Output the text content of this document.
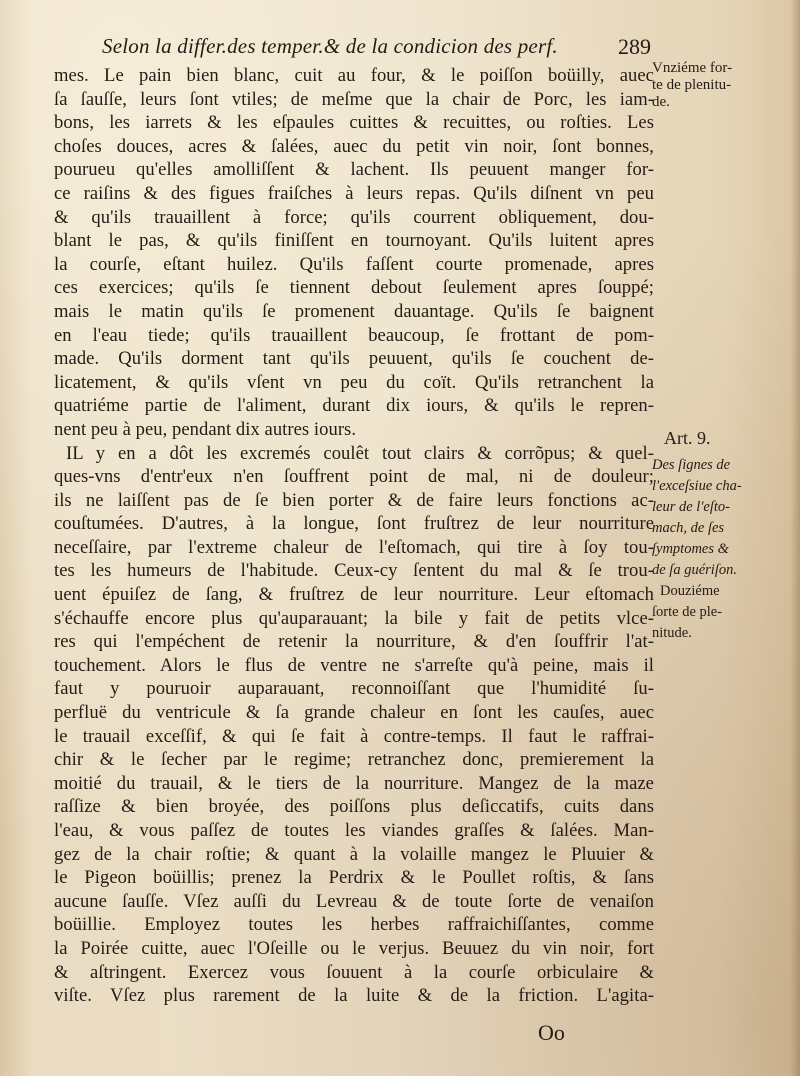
Selon la differ.des temper.& de la condicion des perf.	289
mes. Le pain bien blanc, cuit au four, & le poiſſon boüilly, auec
ſa ſauſſe, leurs ſont vtiles; de meſme que la chair de Porc, les iam-
bons, les iarrets & les eſpaules cuittes & recuittes, ou roſties. Les
choſes douces, acres & ſalées, auec du petit vin noir, ſont bonnes,
pourueu qu'elles amolliſſent & lachent. Ils peuuent manger for-
ce raiſins & des figues fraiſches à leurs repas. Qu'ils diſnent vn peu
& qu'ils trauaillent à force; qu'ils courrent obliquement, dou-
blant le pas, & qu'ils finiſſent en tournoyant. Qu'ils luitent apres
la courſe, eſtant huilez. Qu'ils faſſent courte promenade, apres
ces exercices; qu'ils ſe tiennent debout ſeulement apres ſouppé;
mais le matin qu'ils ſe promenent dauantage. Qu'ils ſe baignent
en l'eau tiede; qu'ils trauaillent beaucoup, ſe frottant de pom-
made. Qu'ils dorment tant qu'ils peuuent, qu'ils ſe couchent de-
licatement, & qu'ils vſent vn peu du coït. Qu'ils retranchent la
quatriéme partie de l'aliment, durant dix iours, & qu'ils le repren-
nent peu à peu, pendant dix autres iours.
IL y en a dôt les excremés coulêt tout clairs & corrõpus; & quel-
ques-vns d'entr'eux n'en ſouffrent point de mal, ni de douleur;
ils ne laiſſent pas de ſe bien porter & de faire leurs fonctions ac-
couſtumées. D'autres, à la longue, ſont fruſtrez de leur nourriture
neceſſaire, par l'extreme chaleur de l'eſtomach, qui tire à ſoy tou-
tes les humeurs de l'habitude. Ceux-cy ſentent du mal & ſe trou-
uent épuiſez de ſang, & fruſtrez de leur nourriture. Leur eſtomach
s'échauffe encore plus qu'auparauant; la bile y fait de petits vlce-
res qui l'empéchent de retenir la nourriture, & d'en ſouffrir l'at-
touchement. Alors le flus de ventre ne s'arreſte qu'à peine, mais il
faut y pouruoir auparauant, reconnoiſſant que l'humidité ſu-
perfluë du ventricule & ſa grande chaleur en ſont les cauſes, auec
le trauail exceſſif, & qui ſe fait à contre-temps. Il faut le raffrai-
chir & le ſecher par le regime; retranchez donc, premierement la
moitié du trauail, & le tiers de la nourriture. Mangez de la maze
raſſize & bien broyée, des poiſſons plus deſiccatifs, cuits dans
l'eau, & vous paſſez de toutes les viandes graſſes & ſalées. Man-
gez de la chair roſtie; & quant à la volaille mangez le Pluuier &
le Pigeon boüillis; prenez la Perdrix & le Poullet roſtis, & ſans
aucune ſauſſe. Vſez auſſi du Levreau & de toute ſorte de venaiſon
boüillie. Employez toutes les herbes raffraichiſſantes, comme
la Poirée cuitte, auec l'Oſeille ou le verjus. Beuuez du vin noir, fort
& aſtringent. Exercez vous ſouuent à la courſe orbiculaire &
viſte. Vſez plus rarement de la luite & de la friction. L'agita-
Vnziéme for-
te de plenitu-
de.
Art. 9.
Des ſignes de
l'exceſsiue cha-
leur de l'eſto-
mach, de ſes
ſymptomes &
de ſa guériſon.
Douziéme
ſorte de ple-
nitude.
Oo
